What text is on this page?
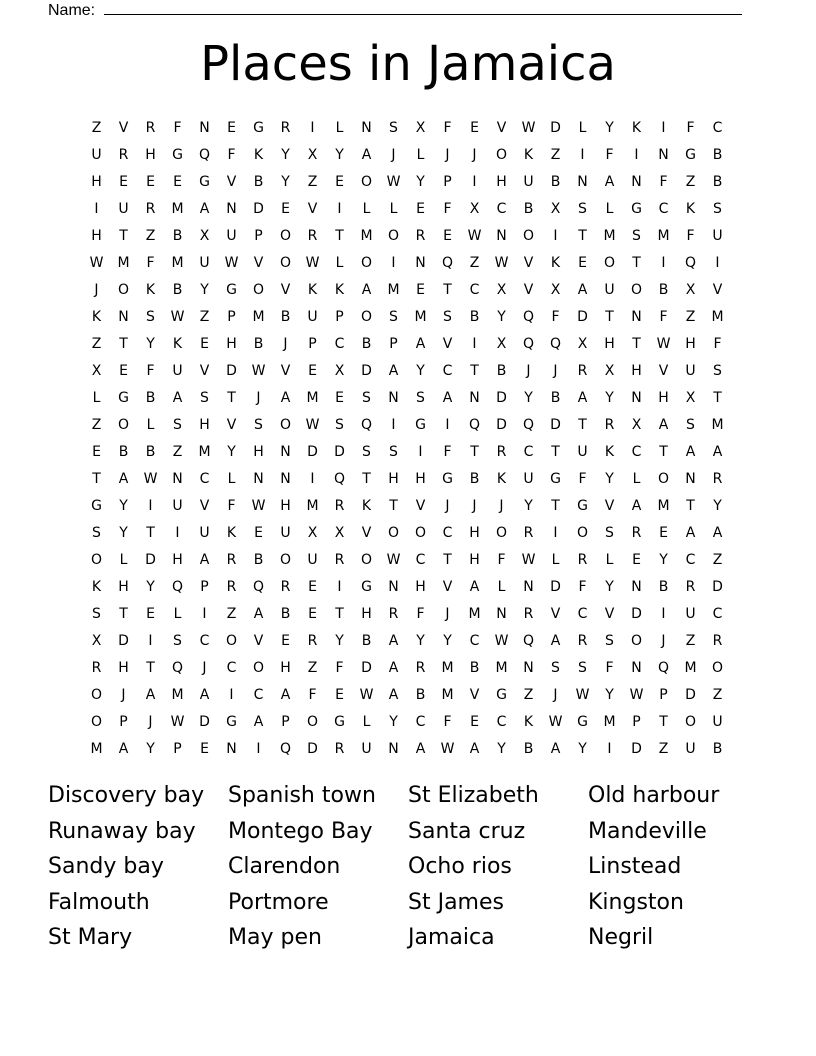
Name:
Places in Jamaica
Z	V	R	F	N	E	G	R	I	L	N	S	X	F	E	V	W	D	L	Y	K	I	F	C
U	R	H	G	Q	F	K	Y	X	Y	A	J	L	J	J	O	K	Z	I	F	I	N	G	B
H	E	E	E	G	V	B	Y	Z	E	O	W	Y	P	I	H	U	B	N	A	N	F	Z	B
I	U	R	M	A	N	D	E	V	I	L	L	E	F	X	C	B	X	S	L	G	C	K	S
H	T	Z	B	X	U	P	O	R	T	M	O	R	E	W	N	O	I	T	M	S	M	F	U
W	M	F	M	U	W	V	O	W	L	O	I	N	Q	Z	W	V	K	E	O	T	I	Q	I
J	O	K	B	Y	G	O	V	K	K	A	M	E	T	C	X	V	X	A	U	O	B	X	V
K	N	S	W	Z	P	M	B	U	P	O	S	M	S	B	Y	Q	F	D	T	N	F	Z	M
Z	T	Y	K	E	H	B	J	P	C	B	P	A	V	I	X	Q	Q	X	H	T	W	H	F
X	E	F	U	V	D	W	V	E	X	D	A	Y	C	T	B	J	J	R	X	H	V	U	S
L	G	B	A	S	T	J	A	M	E	S	N	S	A	N	D	Y	B	A	Y	N	H	X	T
Z	O	L	S	H	V	S	O	W	S	Q	I	G	I	Q	D	Q	D	T	R	X	A	S	M
E	B	B	Z	M	Y	H	N	D	D	S	S	I	F	T	R	C	T	U	K	C	T	A	A
T	A	W	N	C	L	N	N	I	Q	T	H	H	G	B	K	U	G	F	Y	L	O	N	R
G	Y	I	U	V	F	W	H	M	R	K	T	V	J	J	J	Y	T	G	V	A	M	T	Y
S	Y	T	I	U	K	E	U	X	X	V	O	O	C	H	O	R	I	O	S	R	E	A	A
O	L	D	H	A	R	B	O	U	R	O	W	C	T	H	F	W	L	R	L	E	Y	C	Z
K	H	Y	Q	P	R	Q	R	E	I	G	N	H	V	A	L	N	D	F	Y	N	B	R	D
S	T	E	L	I	Z	A	B	E	T	H	R	F	J	M	N	R	V	C	V	D	I	U	C
X	D	I	S	C	O	V	E	R	Y	B	A	Y	Y	C	W	Q	A	R	S	O	J	Z	R
R	H	T	Q	J	C	O	H	Z	F	D	A	R	M	B	M	N	S	S	F	N	Q	M	O
O	J	A	M	A	I	C	A	F	E	W	A	B	M	V	G	Z	J	W	Y	W	P	D	Z
O	P	J	W	D	G	A	P	O	G	L	Y	C	F	E	C	K	W	G	M	P	T	O	U
M	A	Y	P	E	N	I	Q	D	R	U	N	A	W	A	Y	B	A	Y	I	D	Z	U	B
Discovery bay	Spanish town	St Elizabeth	Old harbour
Runaway bay	Montego Bay	Santa cruz	Mandeville
Sandy bay	Clarendon	Ocho rios	Linstead
Falmouth	Portmore	St James	Kingston
St Mary	May pen	Jamaica	Negril
